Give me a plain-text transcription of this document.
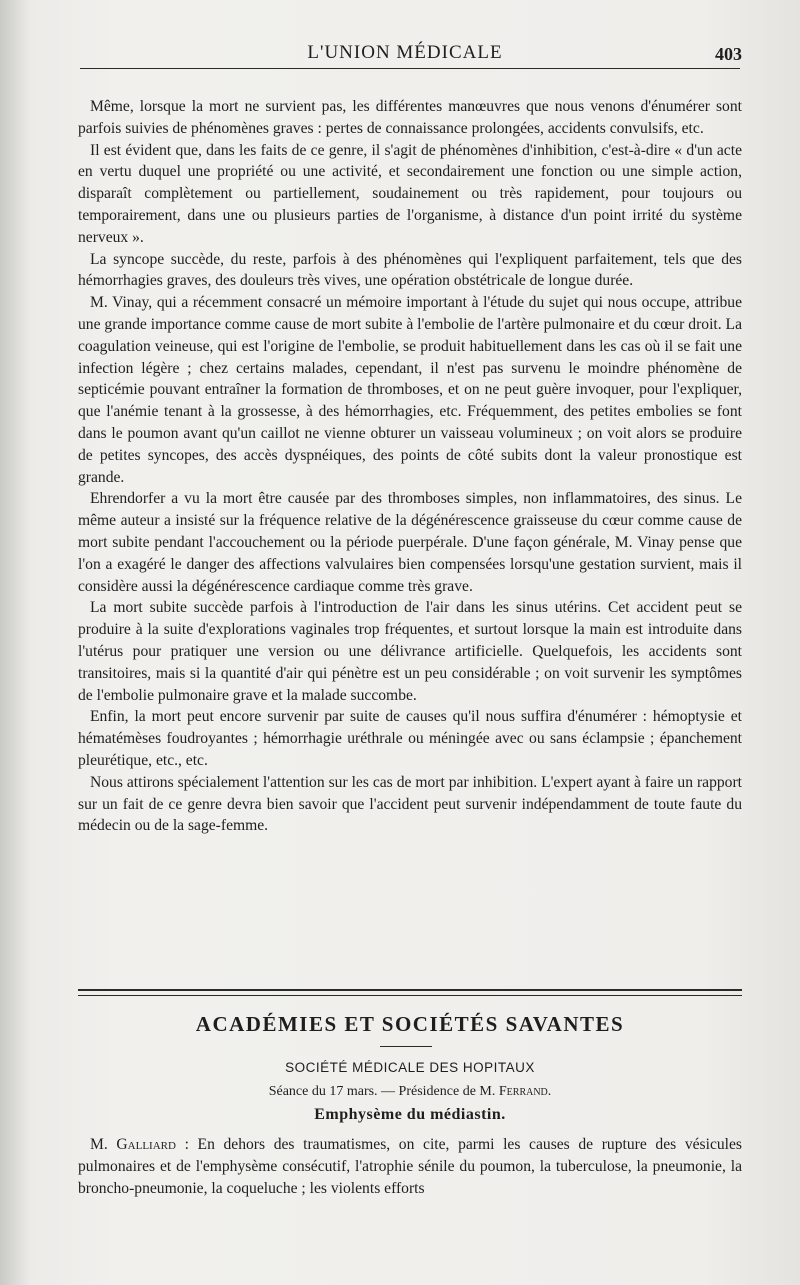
L'UNION MÉDICALE	403

Même, lorsque la mort ne survient pas, les différentes manœuvres que nous venons d'énumérer sont parfois suivies de phénomènes graves : pertes de connaissance prolongées, accidents convulsifs, etc.

Il est évident que, dans les faits de ce genre, il s'agit de phénomènes d'inhibition, c'est-à-dire « d'un acte en vertu duquel une propriété ou une activité, et secondairement une fonction ou une simple action, disparaît complètement ou partiellement, soudainement ou très rapidement, pour toujours ou temporairement, dans une ou plusieurs parties de l'organisme, à distance d'un point irrité du système nerveux ».

La syncope succède, du reste, parfois à des phénomènes qui l'expliquent parfaitement, tels que des hémorrhagies graves, des douleurs très vives, une opération obstétricale de longue durée.

M. Vinay, qui a récemment consacré un mémoire important à l'étude du sujet qui nous occupe, attribue une grande importance comme cause de mort subite à l'embolie de l'artère pulmonaire et du cœur droit. La coagulation veineuse, qui est l'origine de l'embolie, se produit habituellement dans les cas où il se fait une infection légère ; chez certains malades, cependant, il n'est pas survenu le moindre phénomène de septicémie pouvant entraîner la formation de thromboses, et on ne peut guère invoquer, pour l'expliquer, que l'anémie tenant à la grossesse, à des hémorrhagies, etc. Fréquemment, des petites embolies se font dans le poumon avant qu'un caillot ne vienne obturer un vaisseau volumineux ; on voit alors se produire de petites syncopes, des accès dyspnéiques, des points de côté subits dont la valeur pronostique est grande.

Ehrendorfer a vu la mort être causée par des thromboses simples, non inflammatoires, des sinus. Le même auteur a insisté sur la fréquence relative de la dégénérescence graisseuse du cœur comme cause de mort subite pendant l'accouchement ou la période puerpérale. D'une façon générale, M. Vinay pense que l'on a exagéré le danger des affections valvulaires bien compensées lorsqu'une gestation survient, mais il considère aussi la dégénérescence cardiaque comme très grave.

La mort subite succède parfois à l'introduction de l'air dans les sinus utérins. Cet accident peut se produire à la suite d'explorations vaginales trop fréquentes, et surtout lorsque la main est introduite dans l'utérus pour pratiquer une version ou une délivrance artificielle. Quelquefois, les accidents sont transitoires, mais si la quantité d'air qui pénètre est un peu considérable ; on voit survenir les symptômes de l'embolie pulmonaire grave et la malade succombe.

Enfin, la mort peut encore survenir par suite de causes qu'il nous suffira d'énumérer : hémoptysie et hématémèses foudroyantes ; hémorrhagie uréthrale ou méningée avec ou sans éclampsie ; épanchement pleurétique, etc., etc.

Nous attirons spécialement l'attention sur les cas de mort par inhibition. L'expert ayant à faire un rapport sur un fait de ce genre devra bien savoir que l'accident peut survenir indépendamment de toute faute du médecin ou de la sage-femme.

ACADÉMIES ET SOCIÉTÉS SAVANTES
SOCIÉTÉ MÉDICALE DES HOPITAUX
Séance du 17 mars. — Présidence de M. Ferrand.
Emphysème du médiastin.

M. Galliard : En dehors des traumatismes, on cite, parmi les causes de rupture des vésicules pulmonaires et de l'emphysème consécutif, l'atrophie sénile du poumon, la tuberculose, la pneumonie, la broncho-pneumonie, la coqueluche ; les violents efforts
